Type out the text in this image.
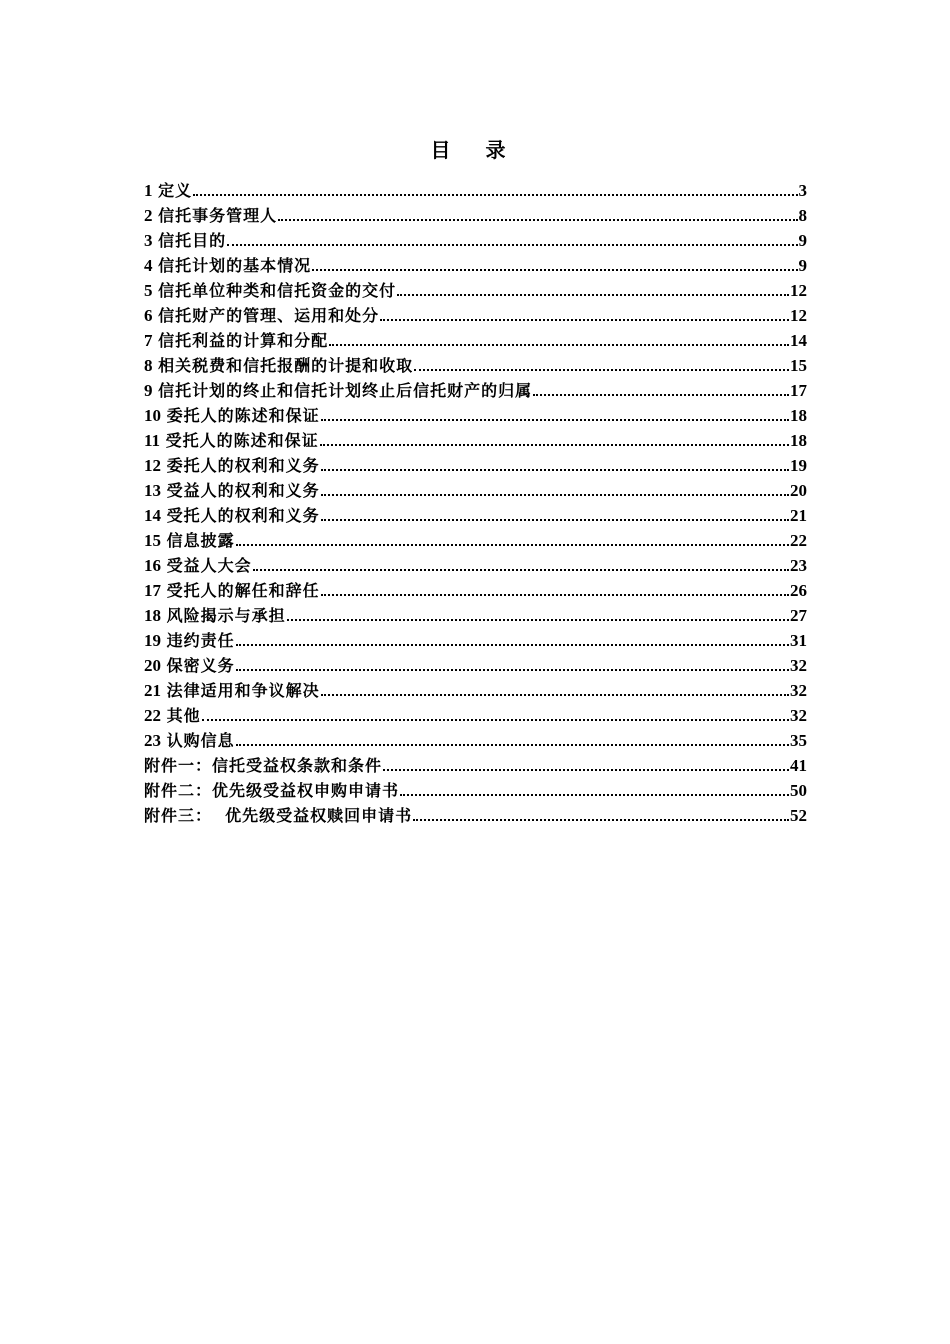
目 录
1 定义	3
2 信托事务管理人	8
3 信托目的	9
4 信托计划的基本情况	9
5 信托单位种类和信托资金的交付	12
6 信托财产的管理、运用和处分	12
7 信托利益的计算和分配	14
8 相关税费和信托报酬的计提和收取	15
9 信托计划的终止和信托计划终止后信托财产的归属	17
10 委托人的陈述和保证	18
11 受托人的陈述和保证	18
12 委托人的权利和义务	19
13 受益人的权利和义务	20
14 受托人的权利和义务	21
15 信息披露	22
16 受益人大会	23
17 受托人的解任和辞任	26
18 风险揭示与承担	27
19 违约责任	31
20 保密义务	32
21 法律适用和争议解决	32
22 其他	32
23 认购信息	35
附件一：信托受益权条款和条件	41
附件二：优先级受益权申购申请书	50
附件三：  优先级受益权赎回申请书	52
